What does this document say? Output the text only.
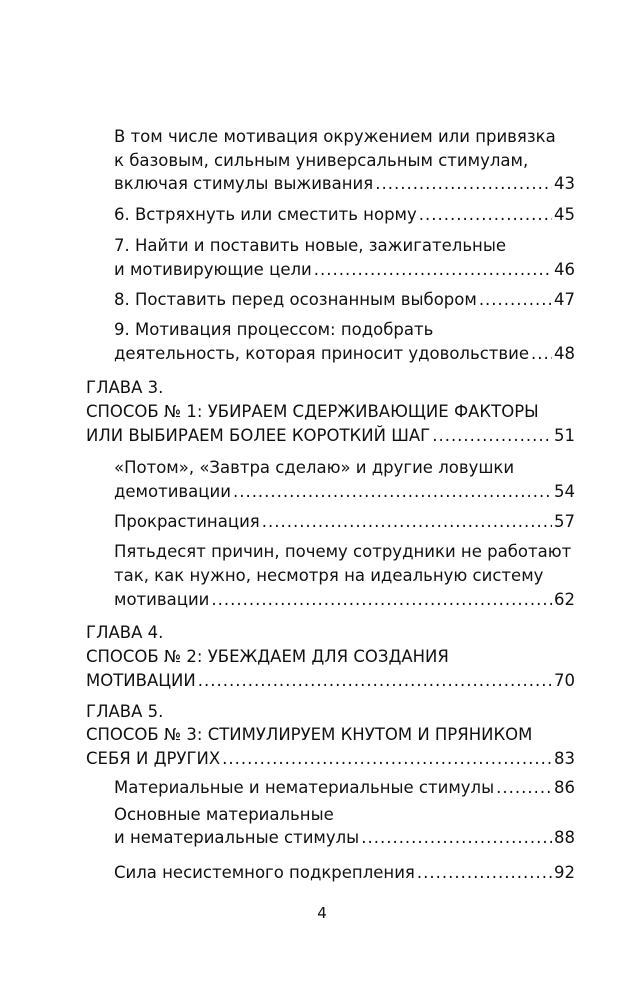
В том числе мотивация окружением или привязка
к базовым, сильным универсальным стимулам,
включая стимулы выживания .....	43
6. Встряхнуть или сместить норму .....	45
7. Найти и поставить новые, зажигательные
и мотивирующие цели .....	46
8. Поставить перед осознанным выбором .....	47
9. Мотивация процессом: подобрать
деятельность, которая приносит удовольствие ..... 48
ГЛАВА 3.
СПОСОБ № 1: УБИРАЕМ СДЕРЖИВАЮЩИЕ ФАКТОРЫ
ИЛИ ВЫБИРАЕМ БОЛЕЕ КОРОТКИЙ ШАГ .....	51
«Потом», «Завтра сделаю» и другие ловушки
демотивации .....	54
Прокрастинация .....	57
Пятьдесят причин, почему сотрудники не работают
так, как нужно, несмотря на идеальную систему
мотивации .....	62
ГЛАВА 4.
СПОСОБ № 2: УБЕЖДАЕМ ДЛЯ СОЗДАНИЯ
МОТИВАЦИИ .....	70
ГЛАВА 5.
СПОСОБ № 3: СТИМУЛИРУЕМ КНУТОМ И ПРЯНИКОМ
СЕБЯ И ДРУГИХ .....	83
Материальные и нематериальные стимулы .....	86
Основные материальные
и нематериальные стимулы .....	88
Сила несистемного подкрепления .....	92
4
